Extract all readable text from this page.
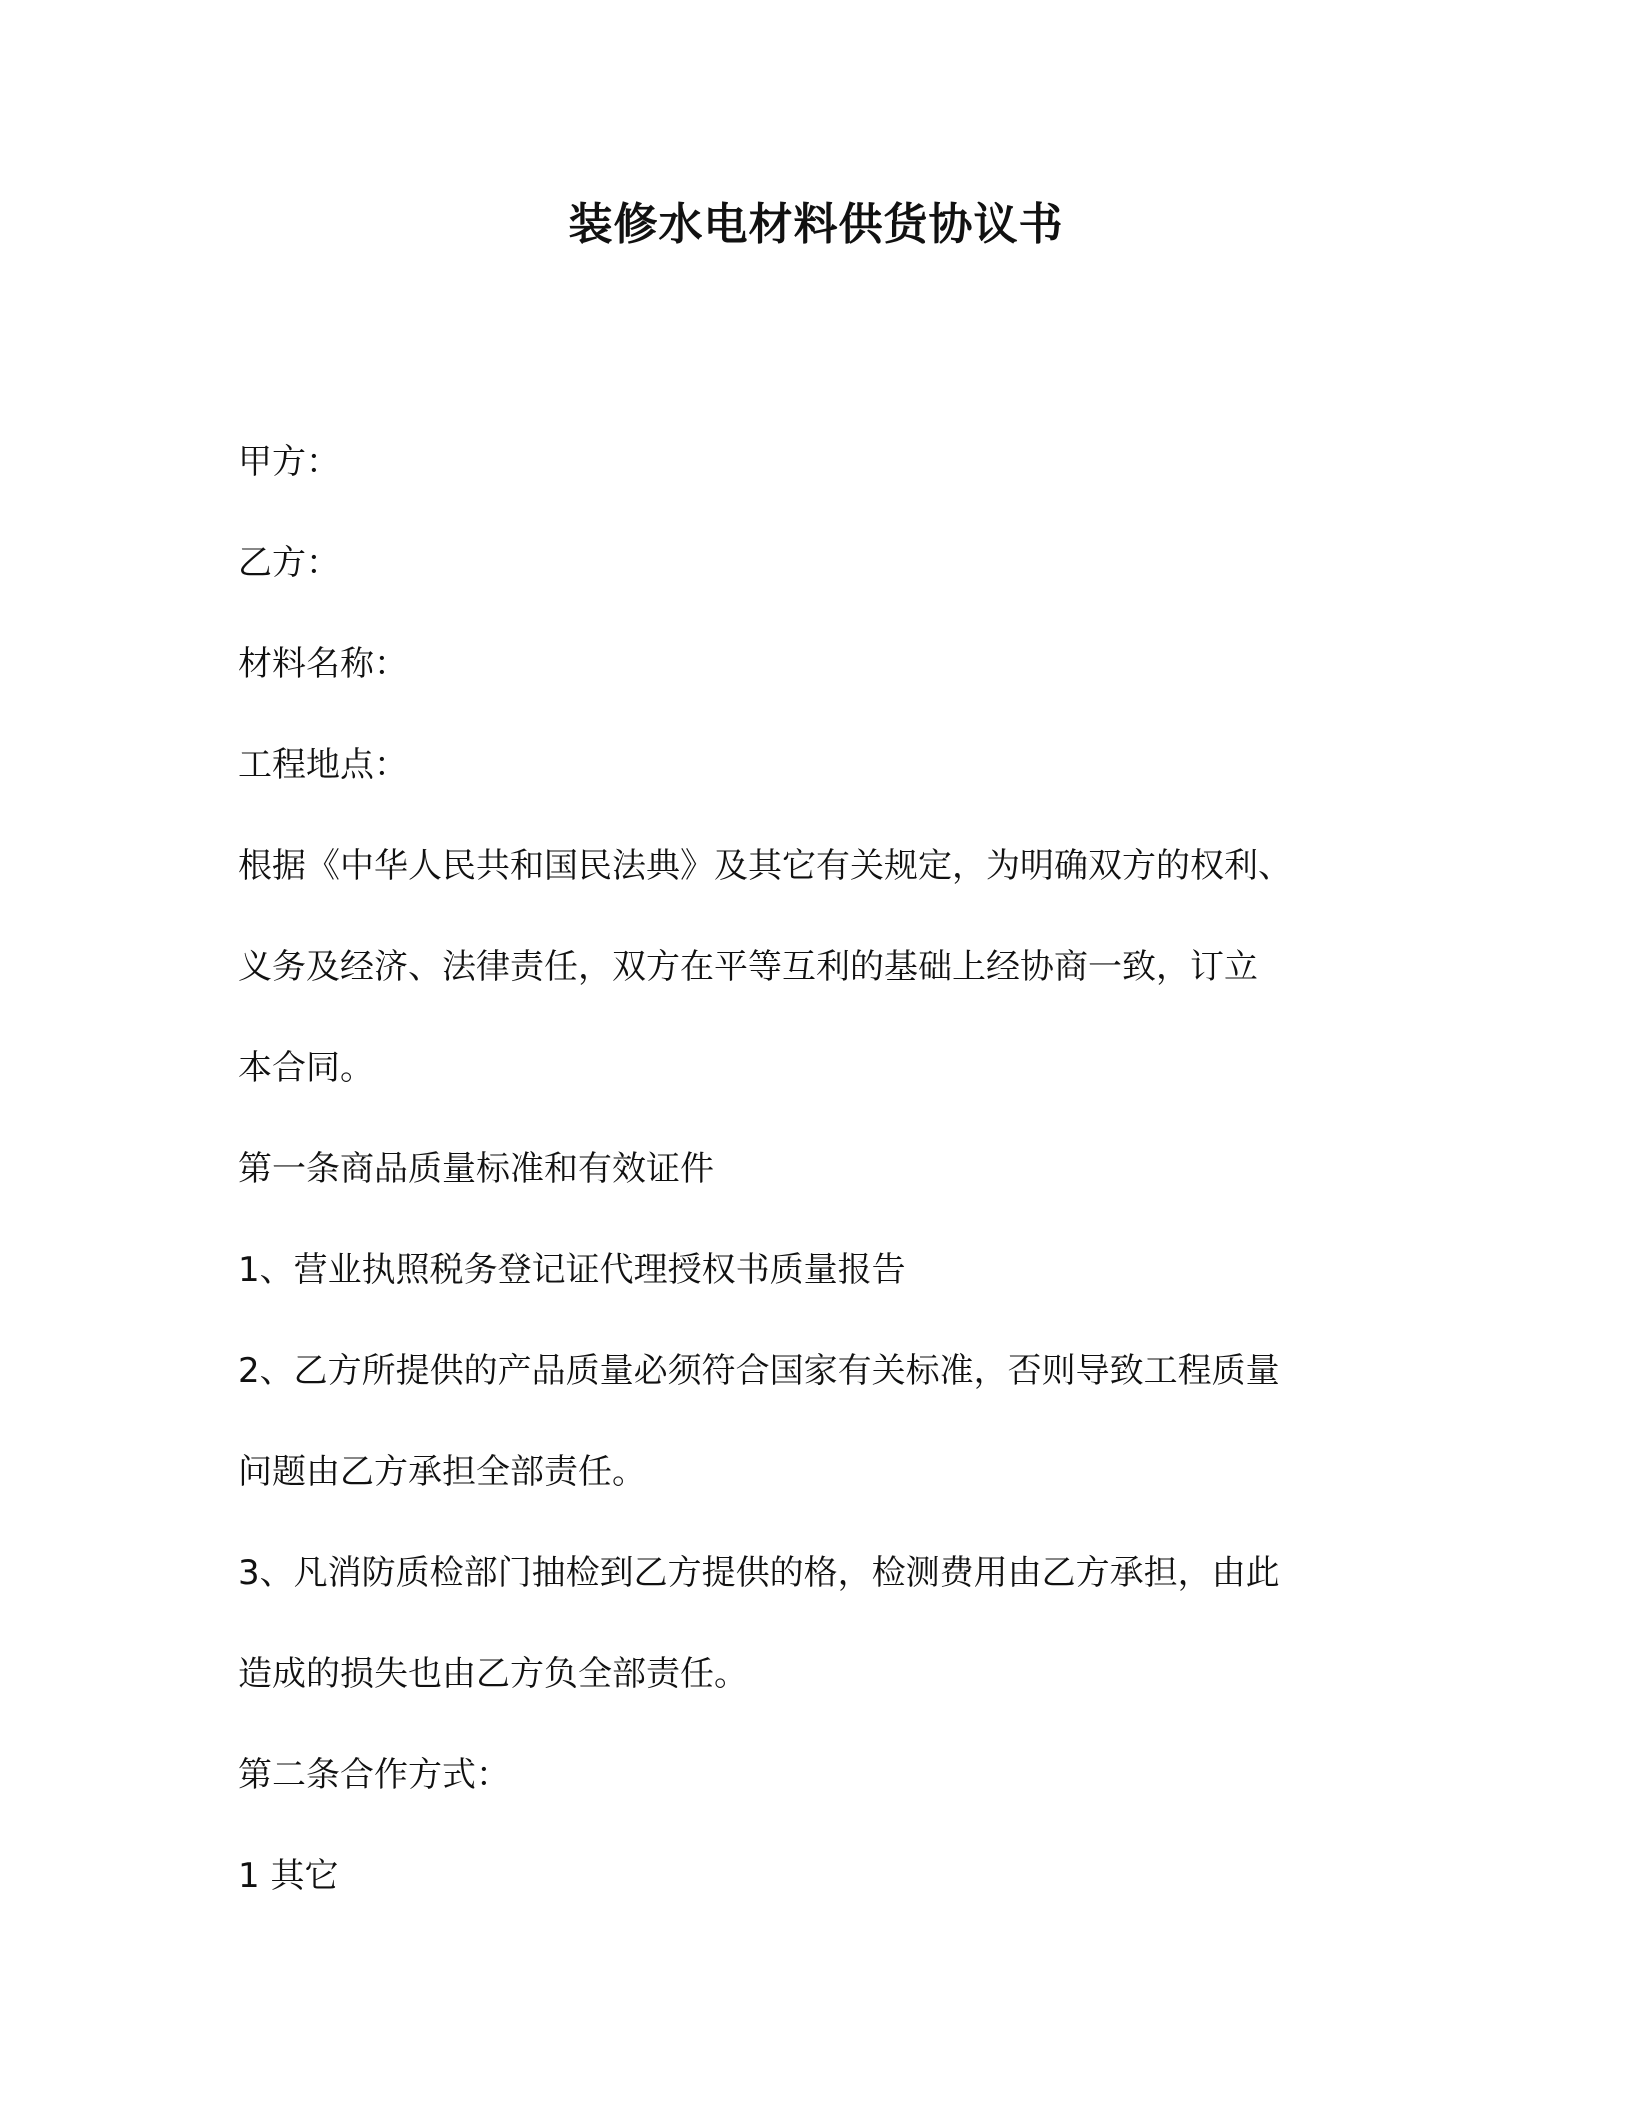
装修水电材料供货协议书

甲方：

乙方：

材料名称：

工程地点：

根据《中华人民共和国民法典》及其它有关规定，为明确双方的权利、

义务及经济、法律责任，双方在平等互利的基础上经协商一致，订立

本合同。

第一条商品质量标准和有效证件

1、营业执照税务登记证代理授权书质量报告

2、乙方所提供的产品质量必须符合国家有关标准，否则导致工程质量

问题由乙方承担全部责任。

3、凡消防质检部门抽检到乙方提供的格，检测费用由乙方承担，由此

造成的损失也由乙方负全部责任。

第二条合作方式：

1 其它
